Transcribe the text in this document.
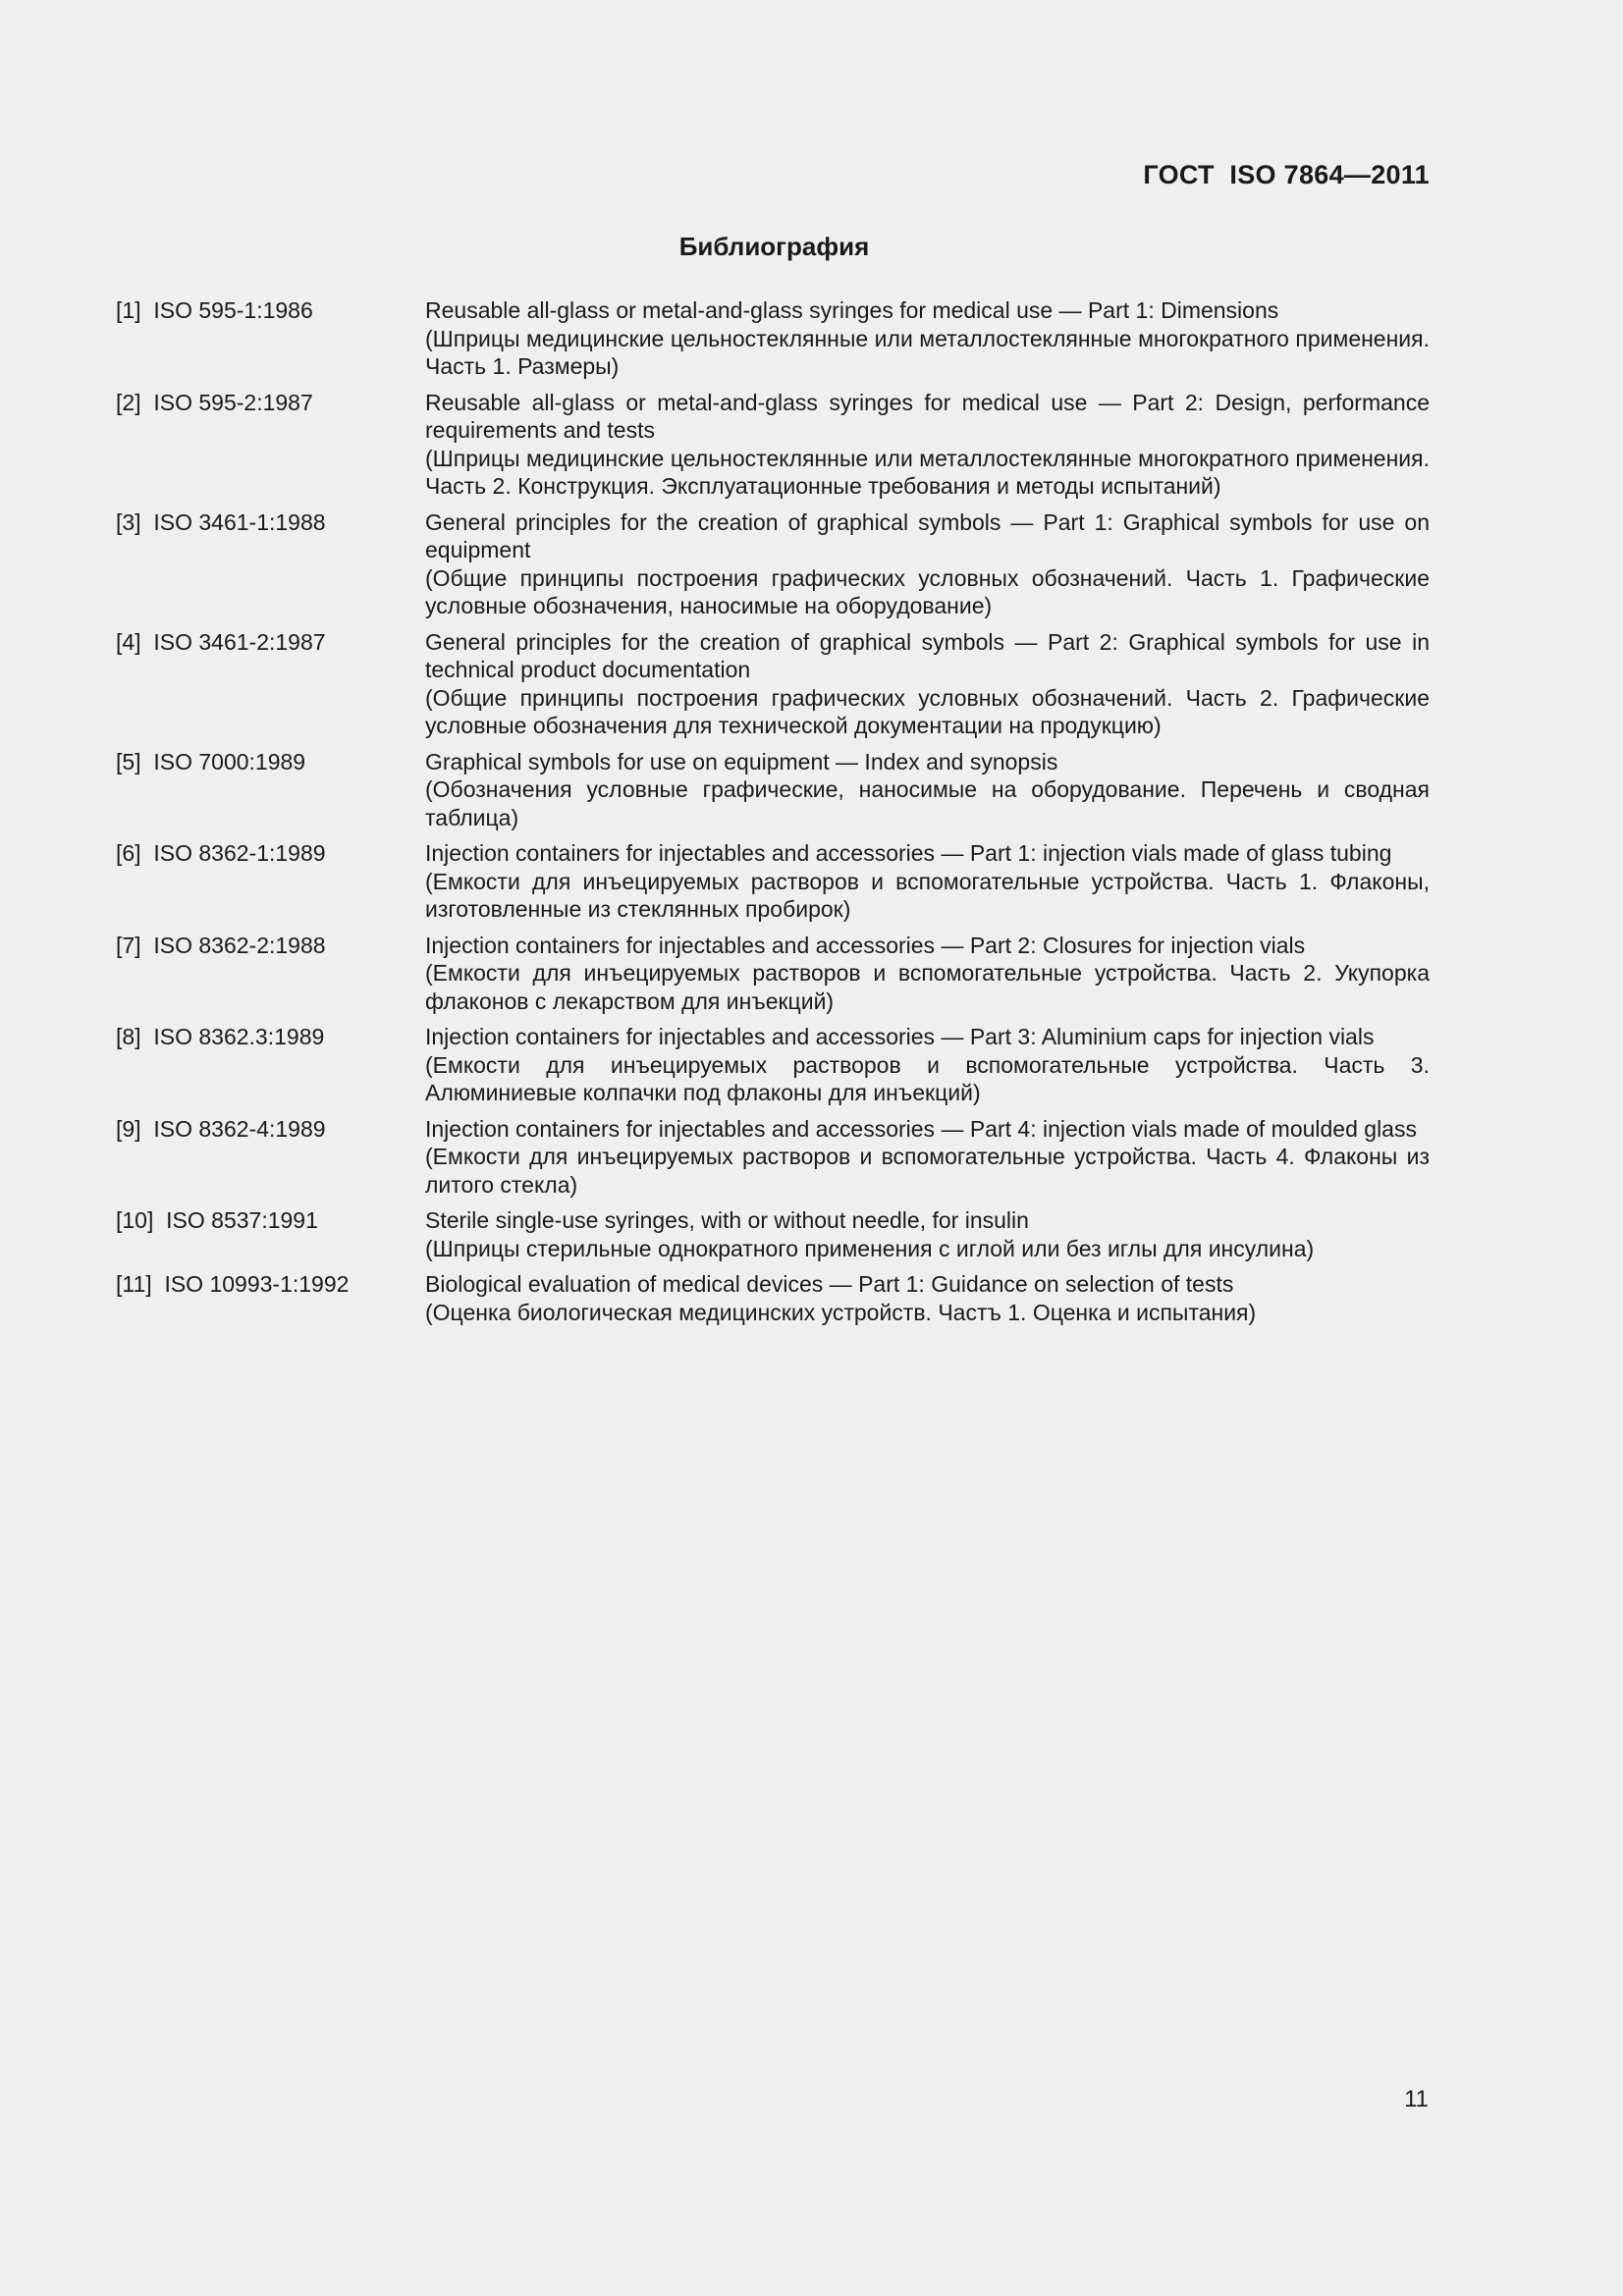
ГОСТ  ISO 7864—2011
Библиография
[1] ISO 595-1:1986	Reusable all-glass or metal-and-glass syringes for medical use — Part 1: Dimensions
(Шприцы медицинские цельностеклянные или металлостеклянные многократного применения. Часть 1. Размеры)
[2] ISO 595-2:1987	Reusable all-glass or metal-and-glass syringes for medical use — Part 2: Design, performance requirements and tests
(Шприцы медицинские цельностеклянные или металлостеклянные многократного применения. Часть 2. Конструкция. Эксплуатационные требования и методы испытаний)
[3] ISO 3461-1:1988	General principles for the creation of graphical symbols — Part 1: Graphical symbols for use on equipment
(Общие принципы построения графических условных обозначений. Часть 1. Графические условные обозначения, наносимые на оборудование)
[4] ISO 3461-2:1987	General principles for the creation of graphical symbols — Part 2: Graphical symbols for use in technical product documentation
(Общие принципы построения графических условных обозначений. Часть 2. Графические условные обозначения для технической документации на продукцию)
[5] ISO 7000:1989	Graphical symbols for use on equipment — Index and synopsis
(Обозначения условные графические, наносимые на оборудование. Перечень и сводная таблица)
[6] ISO 8362-1:1989	Injection containers for injectables and accessories — Part 1: injection vials made of glass tubing
(Емкости для инъецируемых растворов и вспомогательные устройства. Часть 1. Флаконы, изготовленные из стеклянных пробирок)
[7] ISO 8362-2:1988	Injection containers for injectables and accessories — Part 2: Closures for injection vials
(Емкости для инъецируемых растворов и вспомогательные устройства. Часть 2. Укупорка флаконов с лекарством для инъекций)
[8] ISO 8362.3:1989	Injection containers for injectables and accessories — Part 3: Aluminium caps for injection vials
(Емкости для инъецируемых растворов и вспомогательные устройства. Часть 3. Алюминиевые колпачки под флаконы для инъекций)
[9] ISO 8362-4:1989	Injection containers for injectables and accessories — Part 4: injection vials made of moulded glass
(Емкости для инъецируемых растворов и вспомогательные устройства. Часть 4. Флаконы из литого стекла)
[10] ISO 8537:1991	Sterile single-use syringes, with or without needle, for insulin
(Шприцы стерильные однократного применения с иглой или без иглы для инсулина)
[11] ISO 10993-1:1992	Biological evaluation of medical devices — Part 1: Guidance on selection of tests
(Оценка биологическая медицинских устройств. Частъ 1. Оценка и испытания)
11
